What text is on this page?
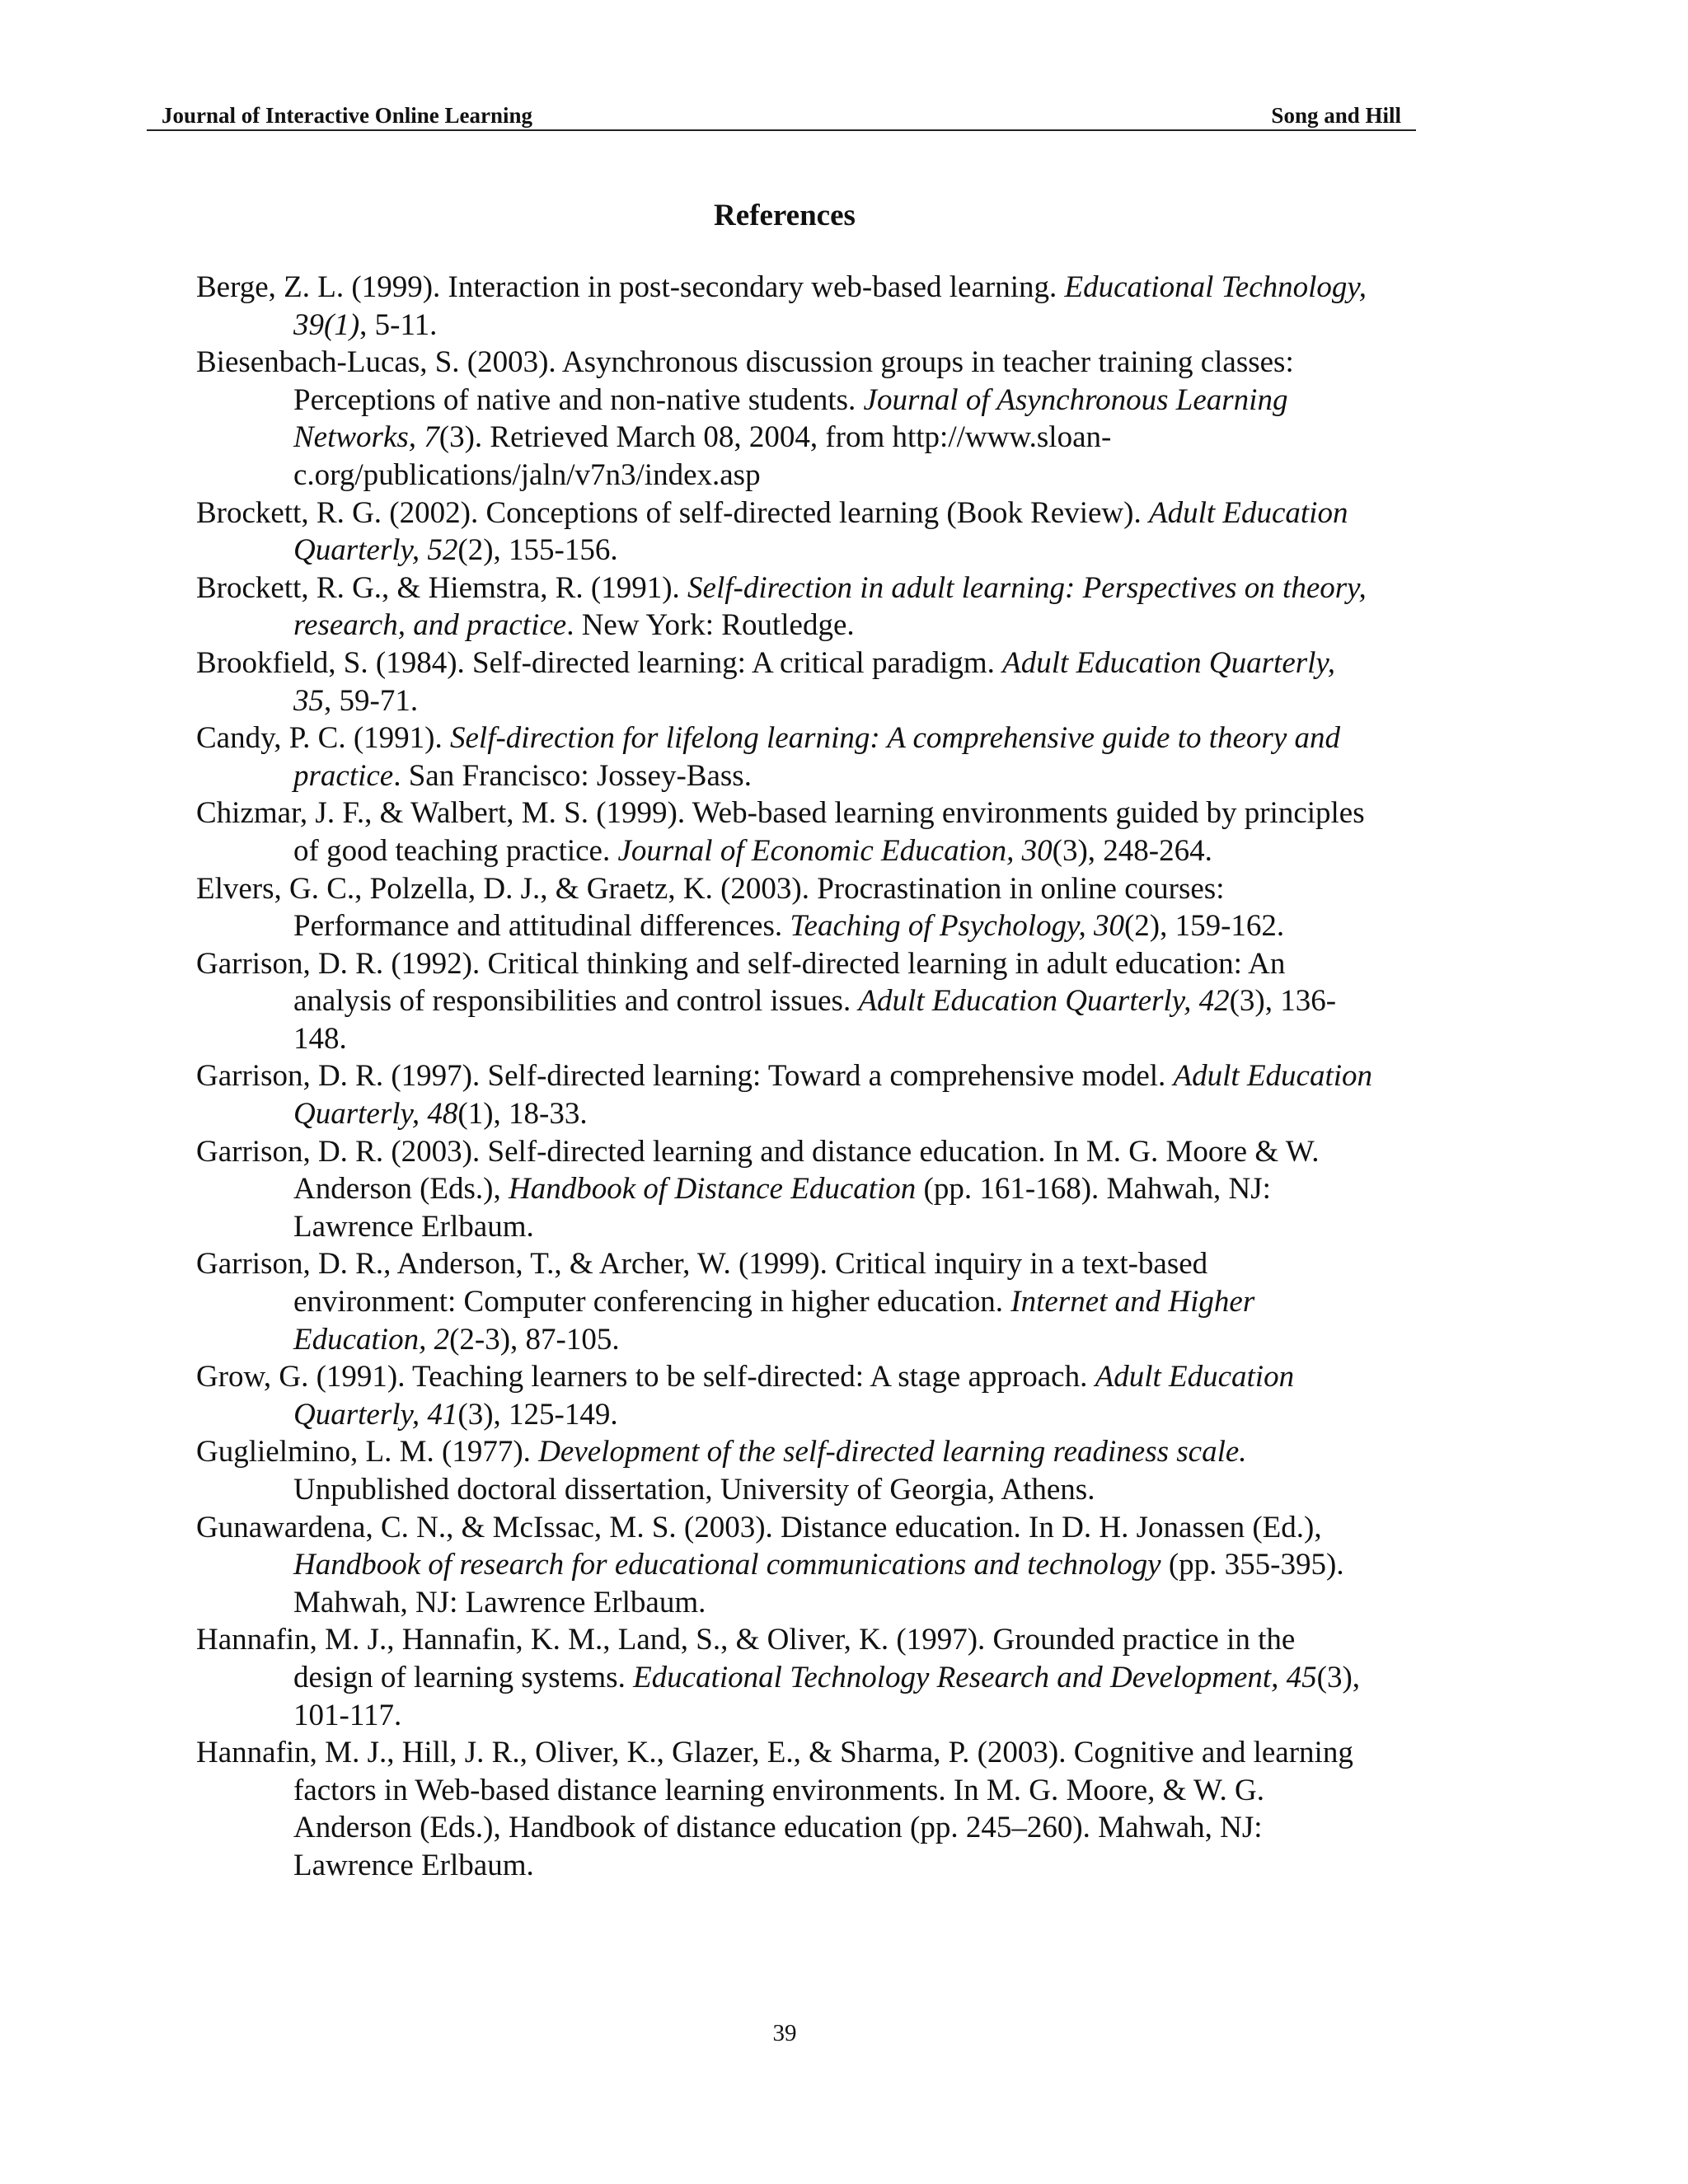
Journal of Interactive Online Learning	Song and Hill
References

Berge, Z. L. (1999). Interaction in post-secondary web-based learning. Educational Technology, 39(1), 5-11.

Biesenbach-Lucas, S. (2003). Asynchronous discussion groups in teacher training classes: Perceptions of native and non-native students. Journal of Asynchronous Learning Networks, 7(3). Retrieved March 08, 2004, from http://www.sloan-c.org/publications/jaln/v7n3/index.asp

Brockett, R. G. (2002). Conceptions of self-directed learning (Book Review). Adult Education Quarterly, 52(2), 155-156.

Brockett, R. G., & Hiemstra, R. (1991). Self-direction in adult learning: Perspectives on theory, research, and practice. New York: Routledge.

Brookfield, S. (1984). Self-directed learning: A critical paradigm. Adult Education Quarterly, 35, 59-71.

Candy, P. C. (1991). Self-direction for lifelong learning: A comprehensive guide to theory and practice. San Francisco: Jossey-Bass.

Chizmar, J. F., & Walbert, M. S. (1999). Web-based learning environments guided by principles of good teaching practice. Journal of Economic Education, 30(3), 248-264.

Elvers, G. C., Polzella, D. J., & Graetz, K. (2003). Procrastination in online courses: Performance and attitudinal differences. Teaching of Psychology, 30(2), 159-162.

Garrison, D. R. (1992). Critical thinking and self-directed learning in adult education: An analysis of responsibilities and control issues. Adult Education Quarterly, 42(3), 136-148.

Garrison, D. R. (1997). Self-directed learning: Toward a comprehensive model. Adult Education Quarterly, 48(1), 18-33.

Garrison, D. R. (2003). Self-directed learning and distance education. In M. G. Moore & W. Anderson (Eds.), Handbook of Distance Education (pp. 161-168). Mahwah, NJ: Lawrence Erlbaum.

Garrison, D. R., Anderson, T., & Archer, W. (1999). Critical inquiry in a text-based environment: Computer conferencing in higher education. Internet and Higher Education, 2(2-3), 87-105.

Grow, G. (1991). Teaching learners to be self-directed: A stage approach. Adult Education Quarterly, 41(3), 125-149.

Guglielmino, L. M. (1977). Development of the self-directed learning readiness scale. Unpublished doctoral dissertation, University of Georgia, Athens.

Gunawardena, C. N., & McIssac, M. S. (2003). Distance education. In D. H. Jonassen (Ed.), Handbook of research for educational communications and technology (pp. 355-395). Mahwah, NJ: Lawrence Erlbaum.

Hannafin, M. J., Hannafin, K. M., Land, S., & Oliver, K. (1997). Grounded practice in the design of learning systems. Educational Technology Research and Development, 45(3), 101-117.

Hannafin, M. J., Hill, J. R., Oliver, K., Glazer, E., & Sharma, P. (2003). Cognitive and learning factors in Web-based distance learning environments. In M. G. Moore, & W. G. Anderson (Eds.), Handbook of distance education (pp. 245–260). Mahwah, NJ: Lawrence Erlbaum.

39
